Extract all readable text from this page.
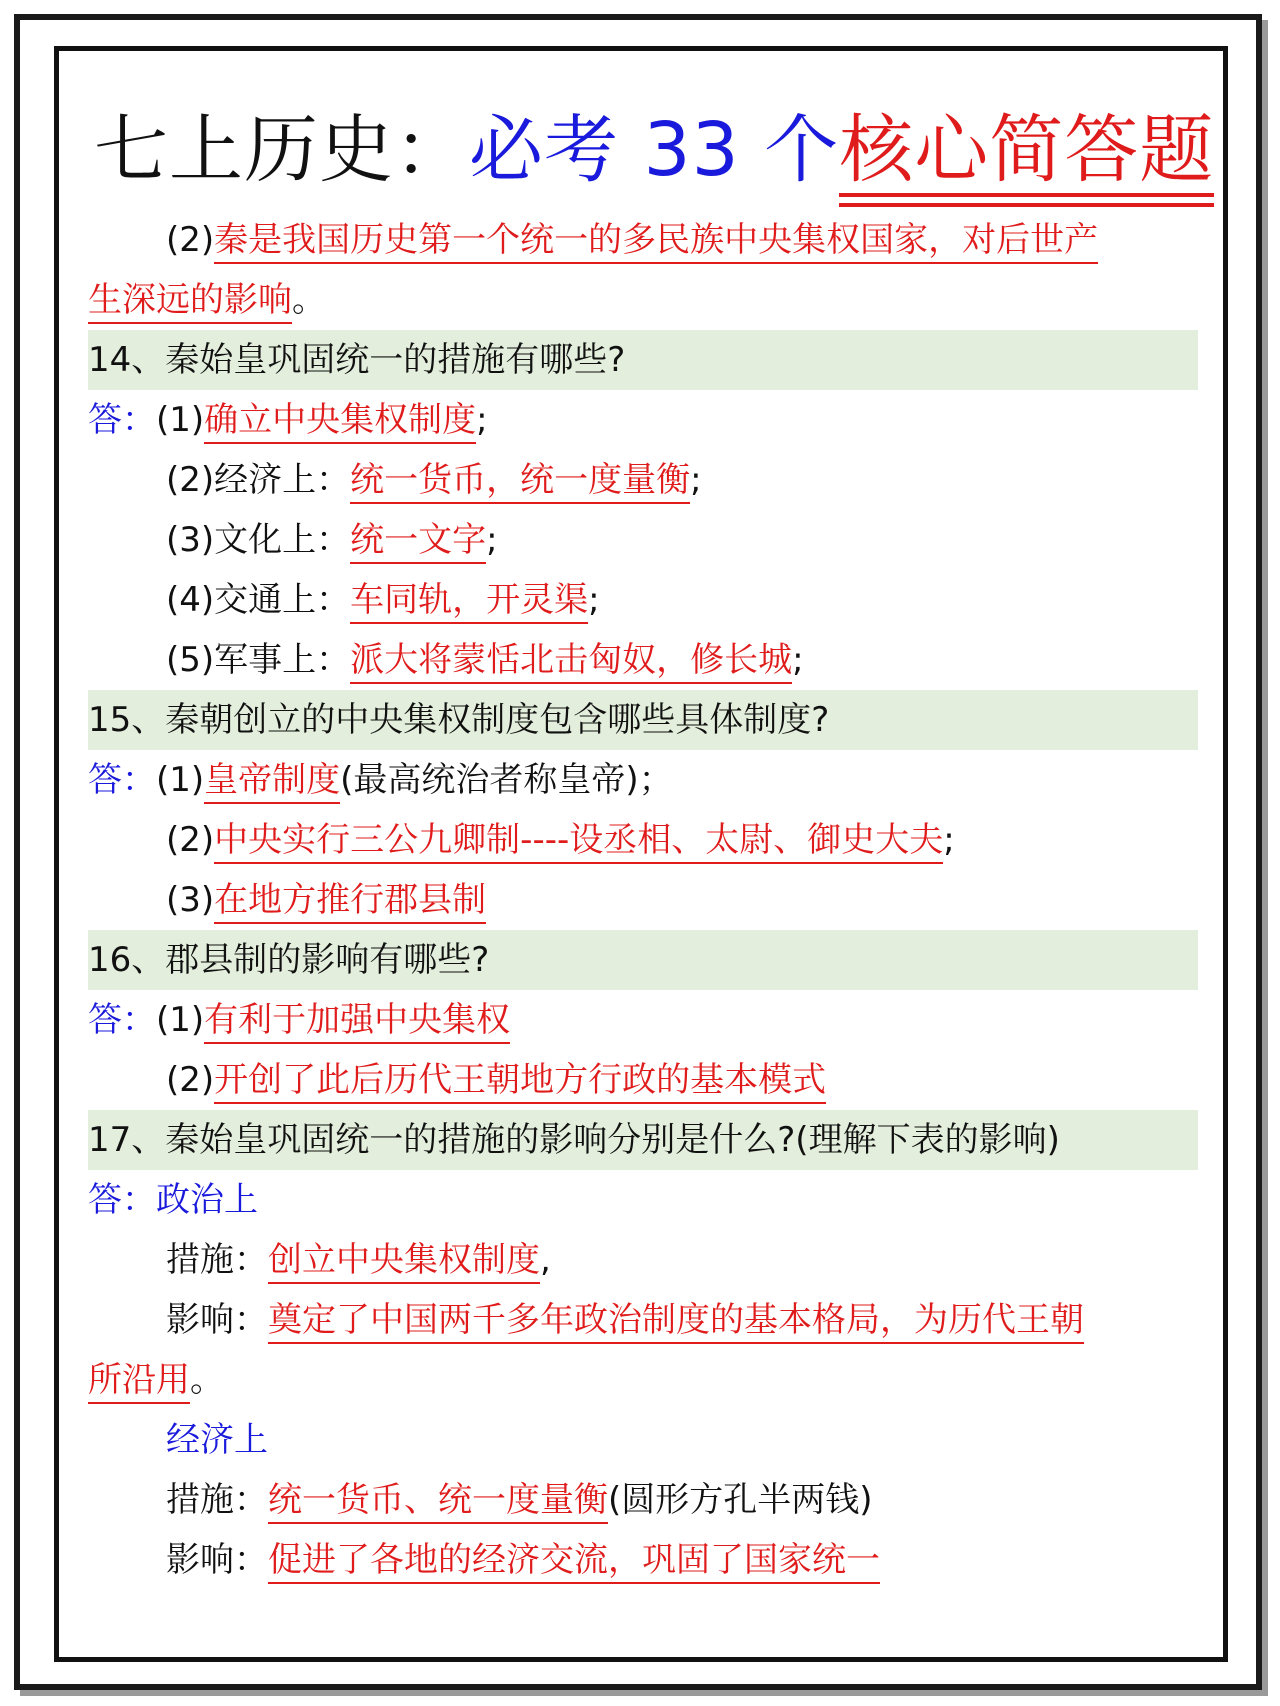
七上历史：必考 33 个核心简答题
(2)秦是我国历史第一个统一的多民族中央集权国家，对后世产
生深远的影响。
14、秦始皇巩固统一的措施有哪些?
答：(1)确立中央集权制度;
(2)经济上：统一货币，统一度量衡;
(3)文化上：统一文字;
(4)交通上：车同轨，开灵渠;
(5)军事上：派大将蒙恬北击匈奴，修长城;
15、秦朝创立的中央集权制度包含哪些具体制度?
答：(1)皇帝制度(最高统治者称皇帝)；
(2)中央实行三公九卿制----设丞相、太尉、御史大夫;
(3)在地方推行郡县制
16、郡县制的影响有哪些?
答：(1)有利于加强中央集权
(2)开创了此后历代王朝地方行政的基本模式
17、秦始皇巩固统一的措施的影响分别是什么?(理解下表的影响)
答：政治上
措施：创立中央集权制度,
影响：奠定了中国两千多年政治制度的基本格局，为历代王朝
所沿用。
经济上
措施：统一货币、统一度量衡(圆形方孔半两钱)
影响：促进了各地的经济交流，巩固了国家统一
